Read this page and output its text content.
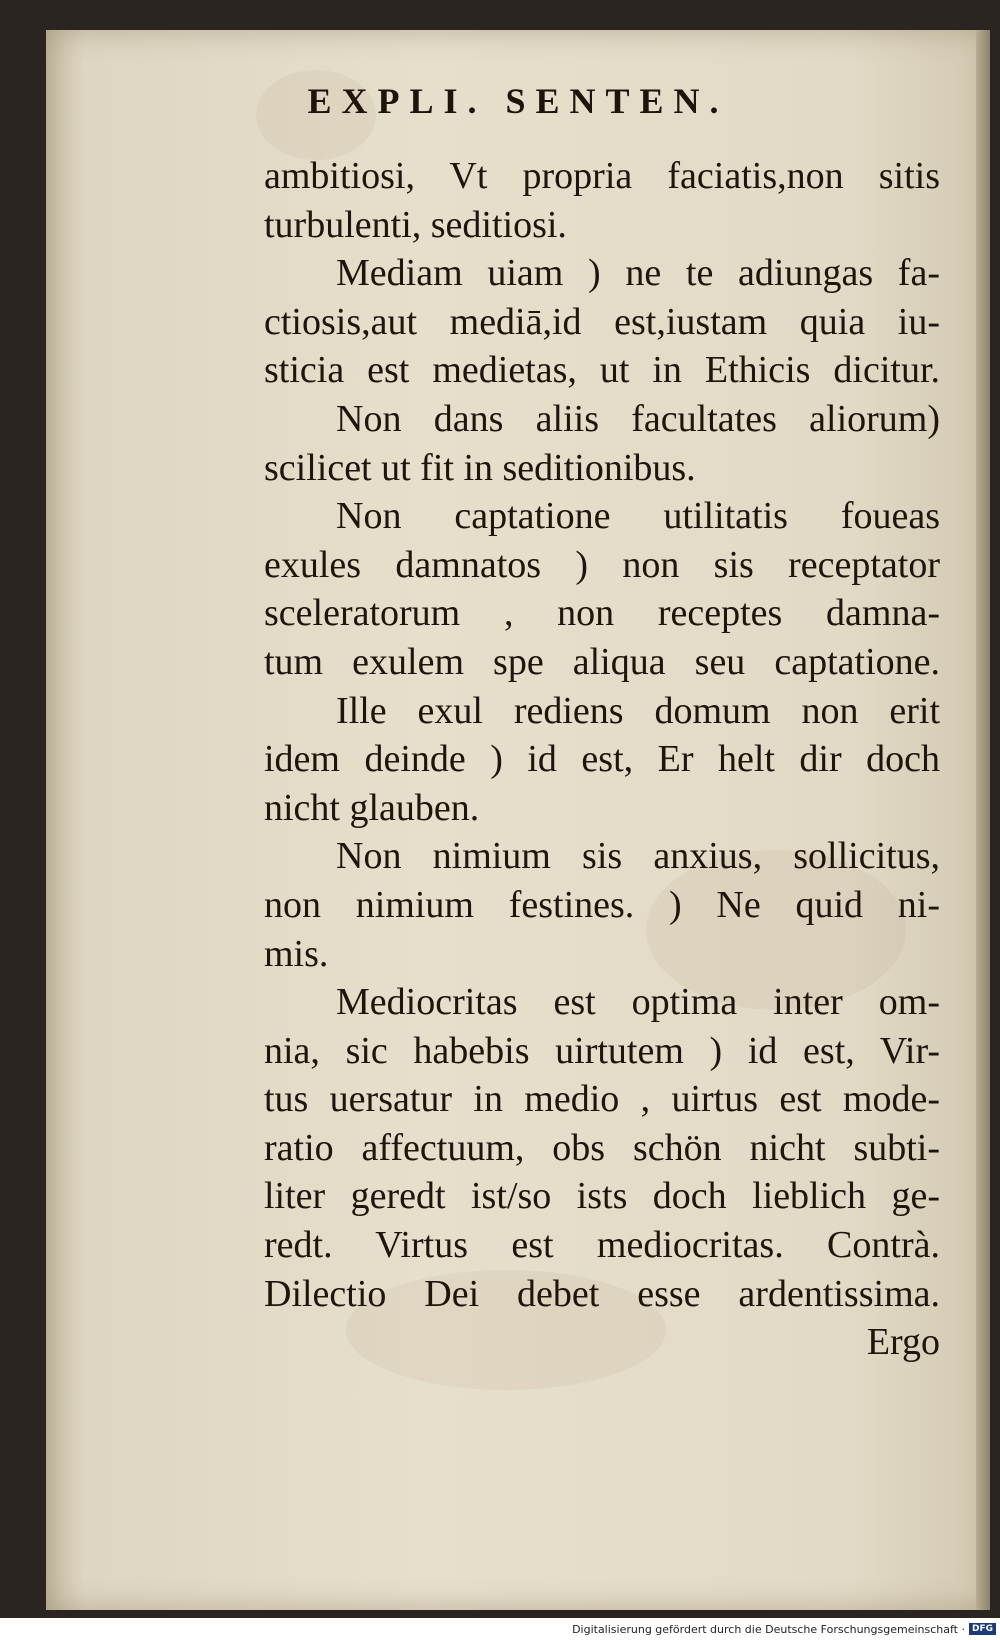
EXPLI. SENTEN.
ambitiosi, Vt propria faciatis,non sitis
turbulenti, seditiosi.
Mediam uiam ) ne te adiungas fa-
ctiosis,aut mediā,id est,iustam quia iu-
sticia est medietas, ut in Ethicis dicitur.
Non dans aliis facultates aliorum)
scilicet ut fit in seditionibus.
Non captatione utilitatis foueas
exules damnatos ) non sis receptator
sceleratorum , non receptes damna-
tum exulem spe aliqua seu captatione.
Ille exul rediens domum non erit
idem deinde ) id est, Er helt dir doch
nicht glauben.
Non nimium sis anxius, sollicitus,
non nimium festines. ) Ne quid ni-
mis.
Mediocritas est optima inter om-
nia, sic habebis uirtutem ) id est, Vir-
tus uersatur in medio , uirtus est mode-
ratio affectuum, obs schön nicht subti-
liter geredt ist/so ists doch lieblich ge-
redt. Virtus est mediocritas. Contrà.
Dilectio Dei debet esse ardentissima.
Ergo
Digitalisierung gefördert durch die Deutsche Forschungsgemeinschaft · DFG
